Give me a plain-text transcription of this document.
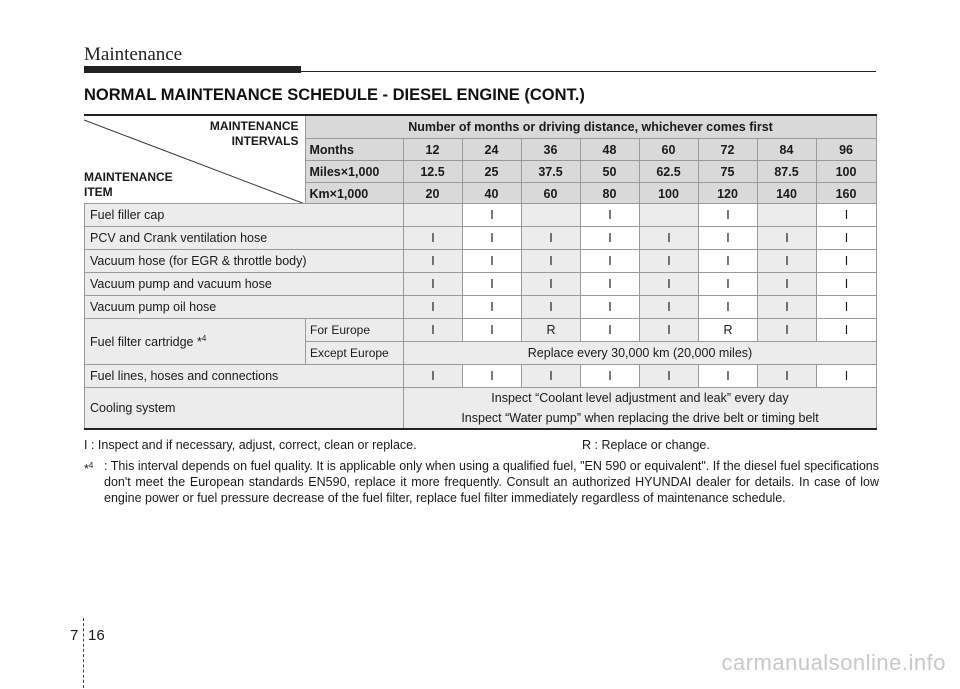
Maintenance
NORMAL MAINTENANCE SCHEDULE - DIESEL ENGINE (CONT.)
MAINTENANCE
INTERVALS
MAINTENANCE
ITEM	Number of months or driving distance, whichever comes first								
	Months	12	24	36	48	60	72	84	96
	Miles×1,000	12.5	25	37.5	50	62.5	75	87.5	100
	Km×1,000	20	40	60	80	100	120	140	160
Fuel filler cap			I		I		I		I
PCV and Crank ventilation hose		I	I	I	I	I	I	I	I
Vacuum hose (for EGR & throttle body)		I	I	I	I	I	I	I	I
Vacuum pump and vacuum hose		I	I	I	I	I	I	I	I
Vacuum pump oil hose		I	I	I	I	I	I	I	I
Fuel filter cartridge *$^4$	For Europe	I	I	R	I	I	R	I	I
	Except Europe	Replace every 30,000 km (20,000 miles)							
Fuel lines, hoses and connections		I	I	I	I	I	I	I	I
Cooling system		Inspect “Coolant level adjustment and leak” every day
Inspect “Water pump” when replacing the drive belt or timing belt							
I : Inspect and if necessary, adjust, correct, clean or replace.	R : Replace or change.
*$^4$ : This interval depends on fuel quality. It is applicable only when using a qualified fuel, "EN 590 or equivalent". If the diesel fuel specifications don't meet the European standards EN590, replace it more frequently. Consult an authorized HYUNDAI dealer for details. In case of low engine power or fuel pressure decrease of the fuel filter, replace fuel filter immediately regardless of maintenance schedule.
7 16
carmanualsonline.info
